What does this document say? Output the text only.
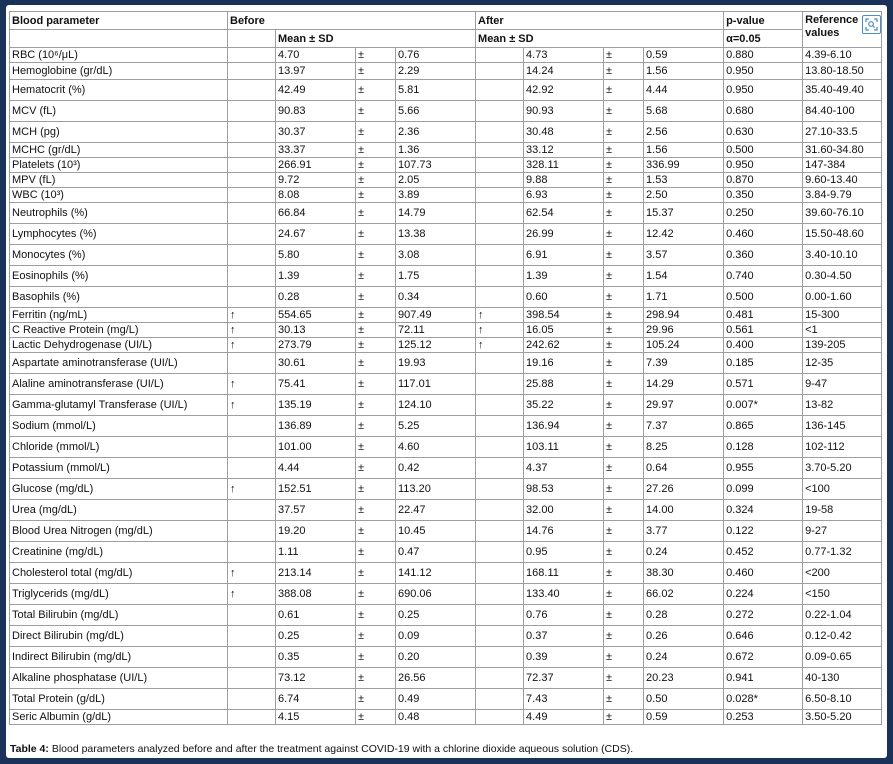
Blood parameter	Before				After				p-value	Reference
values
		Mean ± SD			Mean ± SD				α=0.05	
RBC (10⁶/μL)		4.70	±	0.76		4.73	±	0.59	0.880	4.39-6.10
Hemoglobine (gr/dL)		13.97	±	2.29		14.24	±	1.56	0.950	13.80-18.50
Hematocrit (%)		42.49	±	5.81		42.92	±	4.44	0.950	35.40-49.40
MCV (fL)		90.83	±	5.66		90.93	±	5.68	0.680	84.40-100
MCH (pg)		30.37	±	2.36		30.48	±	2.56	0.630	27.10-33.5
MCHC (gr/dL)		33.37	±	1.36		33.12	±	1.56	0.500	31.60-34.80
Platelets (10³)		266.91	±	107.73		328.11	±	336.99	0.950	147-384
MPV (fL)		9.72	±	2.05		9.88	±	1.53	0.870	9.60-13.40
WBC (10³)		8.08	±	3.89		6.93	±	2.50	0.350	3.84-9.79
Neutrophils (%)		66.84	±	14.79		62.54	±	15.37	0.250	39.60-76.10
Lymphocytes (%)		24.67	±	13.38		26.99	±	12.42	0.460	15.50-48.60
Monocytes (%)		5.80	±	3.08		6.91	±	3.57	0.360	3.40-10.10
Eosinophils (%)		1.39	±	1.75		1.39	±	1.54	0.740	0.30-4.50
Basophils (%)		0.28	±	0.34		0.60	±	1.71	0.500	0.00-1.60
Ferritin (ng/mL)	↑	554.65	±	907.49	↑	398.54	±	298.94	0.481	15-300
C Reactive Protein (mg/L)	↑	30.13	±	72.11	↑	16.05	±	29.96	0.561	<1
Lactic Dehydrogenase (UI/L)	↑	273.79	±	125.12	↑	242.62	±	105.24	0.400	139-205
Aspartate aminotransferase (UI/L)		30.61	±	19.93		19.16	±	7.39	0.185	12-35
Alaline aminotransferase (UI/L)	↑	75.41	±	117.01		25.88	±	14.29	0.571	9-47
Gamma-glutamyl Transferase (UI/L)	↑	135.19	±	124.10		35.22	±	29.97	0.007*	13-82
Sodium (mmol/L)		136.89	±	5.25		136.94	±	7.37	0.865	136-145
Chloride (mmol/L)		101.00	±	4.60		103.11	±	8.25	0.128	102-112
Potassium (mmol/L)		4.44	±	0.42		4.37	±	0.64	0.955	3.70-5.20
Glucose (mg/dL)	↑	152.51	±	113.20		98.53	±	27.26	0.099	<100
Urea (mg/dL)		37.57	±	22.47		32.00	±	14.00	0.324	19-58
Blood Urea Nitrogen (mg/dL)		19.20	±	10.45		14.76	±	3.77	0.122	9-27
Creatinine (mg/dL)		1.11	±	0.47		0.95	±	0.24	0.452	0.77-1.32
Cholesterol total (mg/dL)	↑	213.14	±	141.12		168.11	±	38.30	0.460	<200
Triglycerids (mg/dL)	↑	388.08	±	690.06		133.40	±	66.02	0.224	<150
Total Bilirubin (mg/dL)		0.61	±	0.25		0.76	±	0.28	0.272	0.22-1.04
Direct Bilirubin (mg/dL)		0.25	±	0.09		0.37	±	0.26	0.646	0.12-0.42
Indirect Bilirubin (mg/dL)		0.35	±	0.20		0.39	±	0.24	0.672	0.09-0.65
Alkaline phosphatase (UI/L)		73.12	±	26.56		72.37	±	20.23	0.941	40-130
Total Protein (g/dL)		6.74	±	0.49		7.43	±	0.50	0.028*	6.50-8.10
Seric Albumin (g/dL)		4.15	±	0.48		4.49	±	0.59	0.253	3.50-5.20
Table 4: Blood parameters analyzed before and after the treatment against COVID-19 with a chlorine dioxide aqueous solution (CDS).
